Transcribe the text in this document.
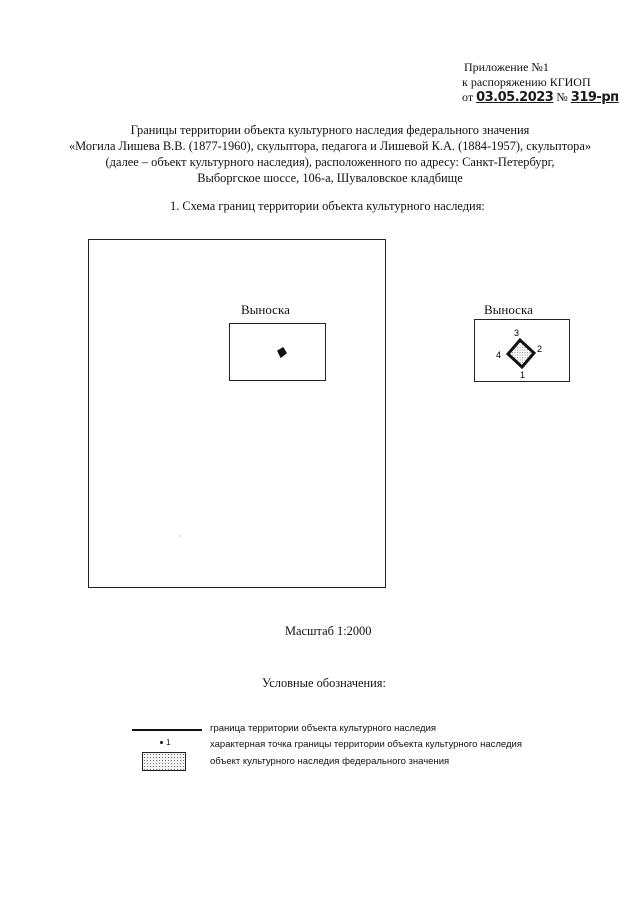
Приложение №1
к распоряжению КГИОП
от 03.05.2023 № 319-рп
Границы территории объекта культурного наследия федерального значения
«Могила Лишева В.В. (1877-1960), скульптора, педагога и Лишевой К.А. (1884-1957), скульптора»
(далее – объект культурного наследия), расположенного по адресу: Санкт-Петербург,
Выборгское шоссе, 106-а, Шуваловское кладбище
1. Схема границ территории объекта культурного наследия:
Выноска	Выноска
3
2
4
1
Масштаб 1:2000
Условные обозначения:
граница территории объекта культурного наследия
1	характерная точка границы территории объекта культурного наследия
объект культурного наследия федерального значения
